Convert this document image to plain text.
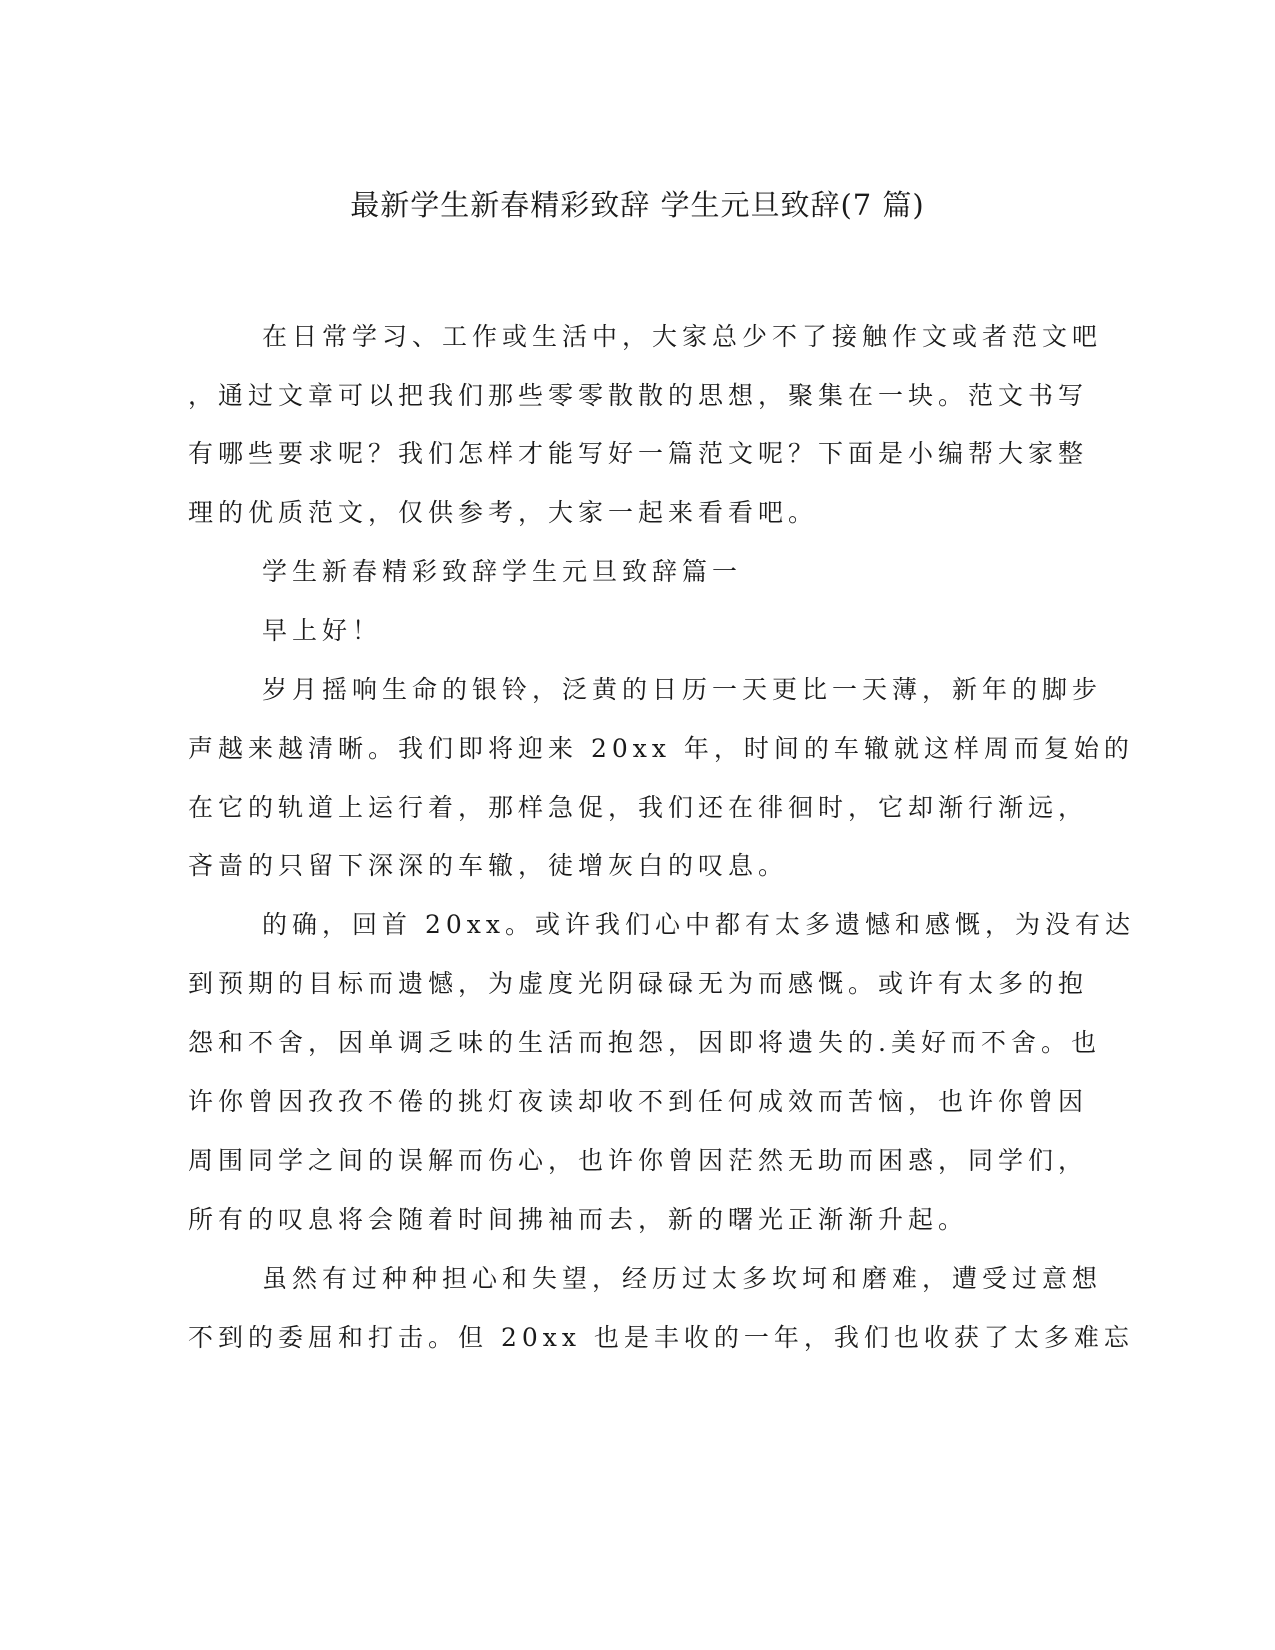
最新学生新春精彩致辞 学生元旦致辞(7 篇)
在日常学习、工作或生活中，大家总少不了接触作文或者范文吧
，通过文章可以把我们那些零零散散的思想，聚集在一块。范文书写
有哪些要求呢？我们怎样才能写好一篇范文呢？下面是小编帮大家整
理的优质范文，仅供参考，大家一起来看看吧。
学生新春精彩致辞学生元旦致辞篇一
早上好！
岁月摇响生命的银铃，泛黄的日历一天更比一天薄，新年的脚步
声越来越清晰。我们即将迎来 20xx 年，时间的车辙就这样周而复始的
在它的轨道上运行着，那样急促，我们还在徘徊时，它却渐行渐远，
吝啬的只留下深深的车辙，徒增灰白的叹息。
的确，回首 20xx。或许我们心中都有太多遗憾和感慨，为没有达
到预期的目标而遗憾，为虚度光阴碌碌无为而感慨。或许有太多的抱
怨和不舍，因单调乏味的生活而抱怨，因即将遗失的.美好而不舍。也
许你曾因孜孜不倦的挑灯夜读却收不到任何成效而苦恼，也许你曾因
周围同学之间的误解而伤心，也许你曾因茫然无助而困惑，同学们，
所有的叹息将会随着时间拂袖而去，新的曙光正渐渐升起。
虽然有过种种担心和失望，经历过太多坎坷和磨难，遭受过意想
不到的委屈和打击。但 20xx 也是丰收的一年，我们也收获了太多难忘
